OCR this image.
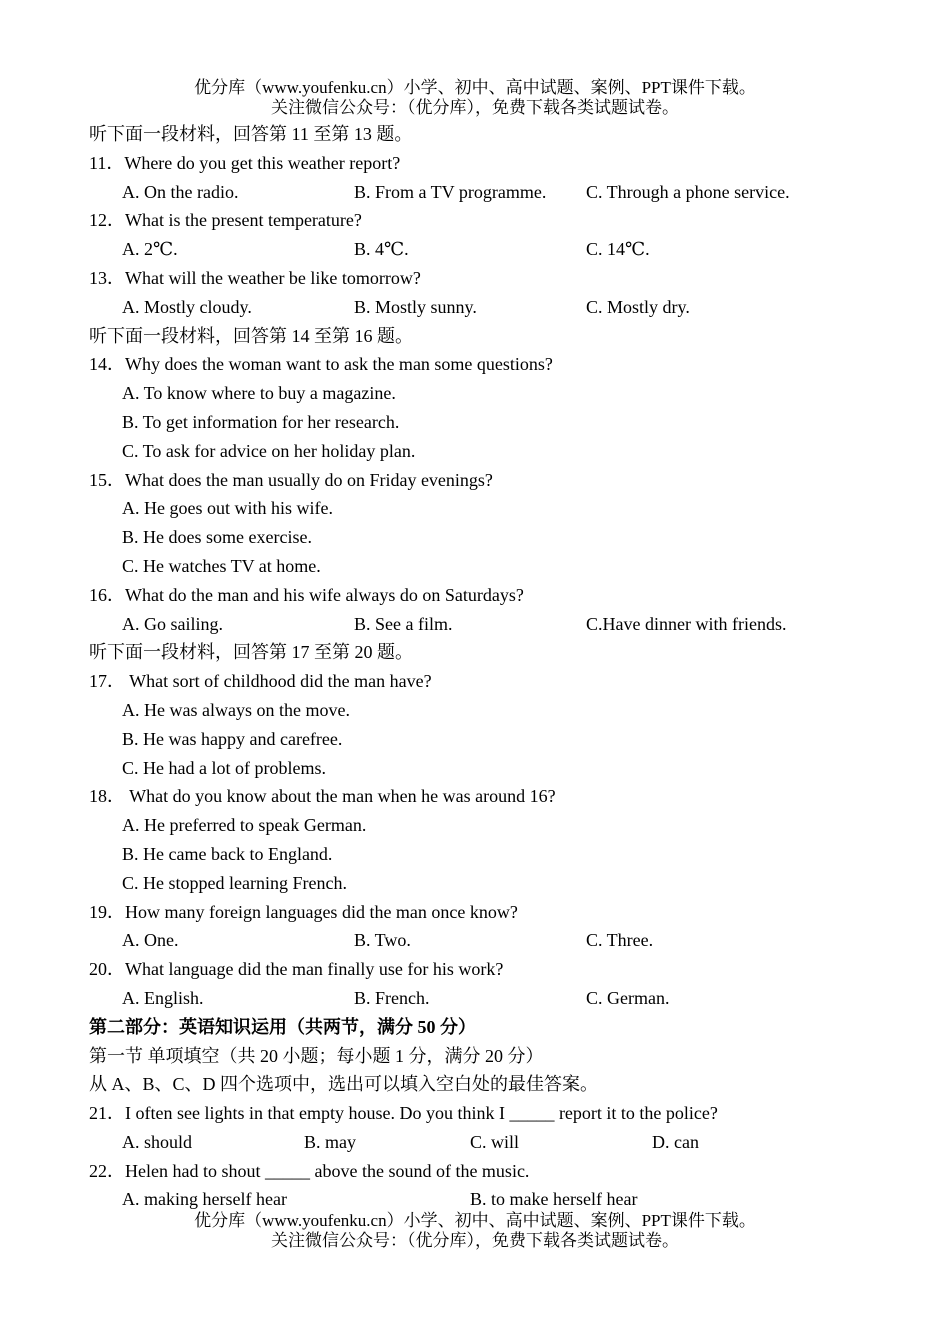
优分库（www.youfenku.cn）小学、初中、高中试题、案例、PPT课件下载。
关注微信公众号：（优分库），免费下载各类试题试卷。
听下面一段材料，回答第 11 至第 13 题。
11．Where do you get this weather report?
A. On the radio.	B. From a TV programme. C. Through a phone service.
12．What is the present temperature?
A. 2℃.	B. 4℃.	C. 14℃.
13．What will the weather be like tomorrow?
A. Mostly cloudy.	B. Mostly sunny.	C. Mostly dry.
听下面一段材料，回答第 14 至第 16 题。
14．Why does the woman want to ask the man some questions?
A. To know where to buy a magazine.
B. To get information for her research.
C. To ask for advice on her holiday plan.
15．What does the man usually do on Friday evenings?
A. He goes out with his wife.
B. He does some exercise.
C. He watches TV at home.
16．What do the man and his wife always do on Saturdays?
A. Go sailing.	B. See a film.	C.Have dinner with friends.
听下面一段材料，回答第 17 至第 20 题。
17． What sort of childhood did the man have?
A. He was always on the move.
B. He was happy and carefree.
C. He had a lot of problems.
18． What do you know about the man when he was around 16?
A. He preferred to speak German.
B. He came back to England.
C. He stopped learning French.
19．How many foreign languages did the man once know?
A. One.	B. Two.	C. Three.
20．What language did the man finally use for his work?
A. English.	B. French.	C. German.
第二部分：英语知识运用（共两节，满分 50 分）
第一节 单项填空（共 20 小题；每小题 1 分，满分 20 分）
从 A、B、C、D 四个选项中，选出可以填入空白处的最佳答案。
21．I often see lights in that empty house. Do you think I _____ report it to the police?
A. should	B. may	C. will	D. can
22．Helen had to shout _____ above the sound of the music.
A. making herself hear	B. to make herself hear
优分库（www.youfenku.cn）小学、初中、高中试题、案例、PPT课件下载。
关注微信公众号：（优分库），免费下载各类试题试卷。
